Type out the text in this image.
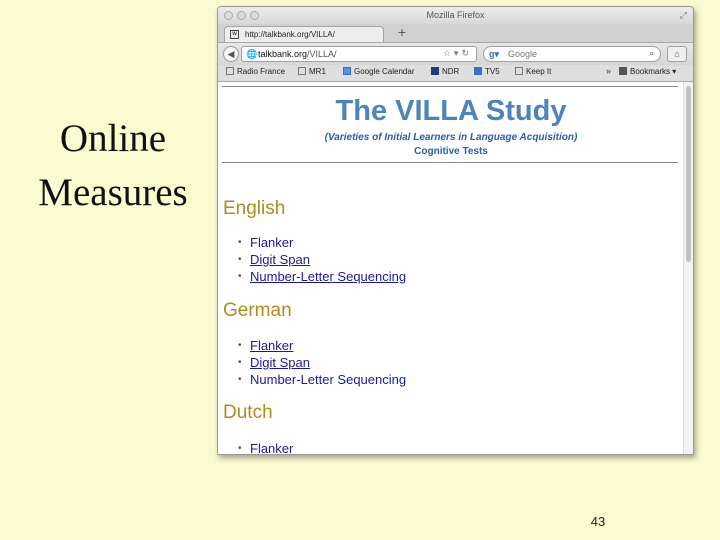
Online
Measures
Mozilla Firefox	⤢
w http://talkbank.org/VILLA/	+
◀	🌐 talkbank.org/VILLA/	☆▾↻ g▾ Google	⌕	⌂
Radio France	MR1	Google Calendar	NDR	TV5	Keep It	»	Bookmarks ▾
The VILLA Study
(Varieties of Initial Learners in Language Acquisition)
Cognitive Tests
English
• Flanker
• Digit Span
• Number-Letter Sequencing
German
• Flanker
• Digit Span
• Number-Letter Sequencing
Dutch
• Flanker
43
